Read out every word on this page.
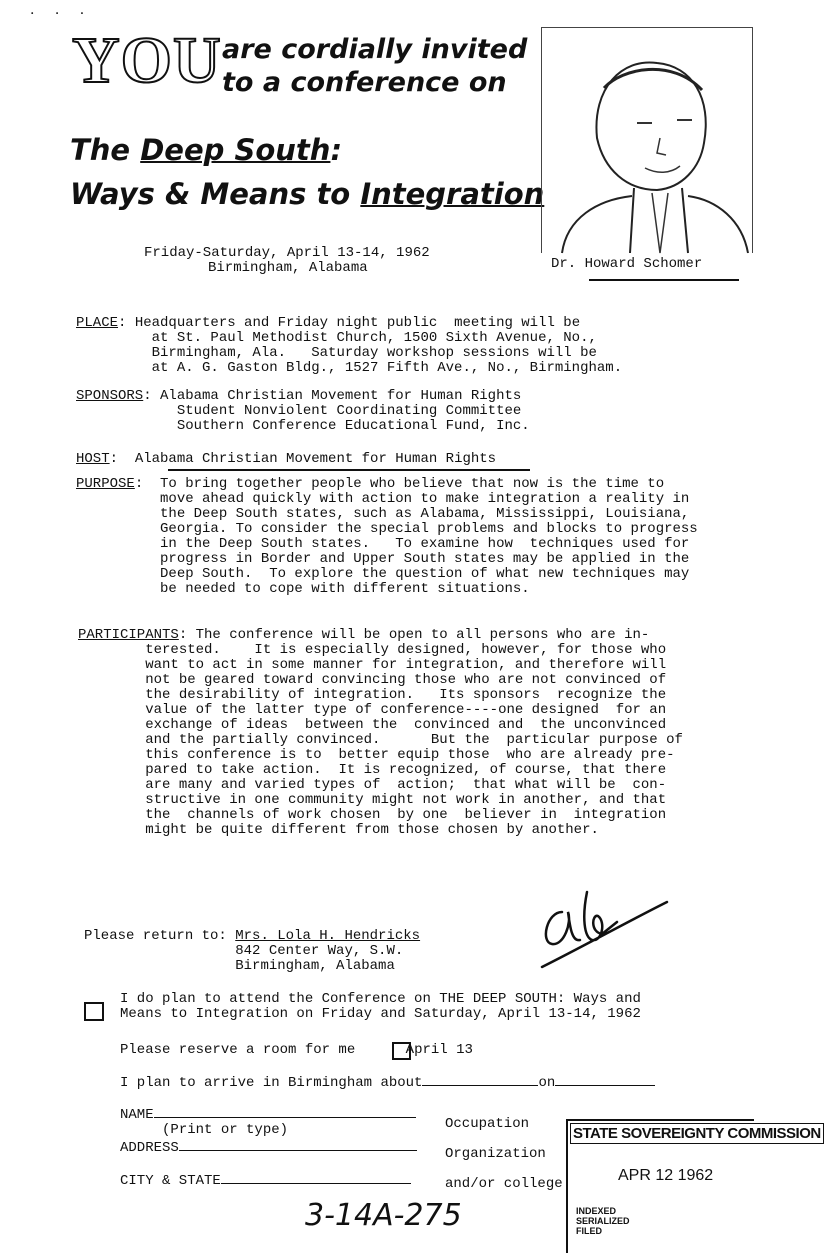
· · ·
YOU are cordially invited
to a conference on
The Deep South:
Ways & Means to Integration
Dr. Howard Schomer
Friday-Saturday, April 13-14, 1962
Birmingham, Alabama
PLACE: Headquarters and Friday night public  meeting will be
at St. Paul Methodist Church, 1500 Sixth Avenue, No.,
Birmingham, Ala.   Saturday workshop sessions will be
at A. G. Gaston Bldg., 1527 Fifth Ave., No., Birmingham.
SPONSORS: Alabama Christian Movement for Human Rights
Student Nonviolent Coordinating Committee
Southern Conference Educational Fund, Inc.
HOST:  Alabama Christian Movement for Human Rights
PURPOSE:  To bring together people who believe that now is the time to
move ahead quickly with action to make integration a reality in
the Deep South states, such as Alabama, Mississippi, Louisiana,
Georgia. To consider the special problems and blocks to progress
in the Deep South states.   To examine how  techniques used for
progress in Border and Upper South states may be applied in the
Deep South.  To explore the question of what new techniques may
be needed to cope with different situations.
PARTICIPANTS: The conference will be open to all persons who are in-
terested.    It is especially designed, however, for those who
want to act in some manner for integration, and therefore will
not be geared toward convincing those who are not convinced of
the desirability of integration.   Its sponsors  recognize the
value of the latter type of conference----one designed  for an
exchange of ideas  between the  convinced and  the unconvinced
and the partially convinced.      But the  particular purpose of
this conference is to  better equip those  who are already pre-
pared to take action.  It is recognized, of course, that there
are many and varied types of  action;  that what will be  con-
structive in one community might not work in another, and that
the  channels of work chosen  by one  believer in  integration
might be quite different from those chosen by another.
Please return to: Mrs. Lola H. Hendricks
842 Center Way, S.W.
Birmingham, Alabama
I do plan to attend the Conference on THE DEEP SOUTH: Ways and
Means to Integration on Friday and Saturday, April 13-14, 1962
Please reserve a room for me	April 13
I plan to arrive in Birmingham about	on
NAME
(Print or type)
ADDRESS

CITY & STATE
Occupation

Organization

and/or college
STATE SOVEREIGNTY COMMISSION
APR 12 1962
INDEXED
SERIALIZED
FILED
3-14A-275
